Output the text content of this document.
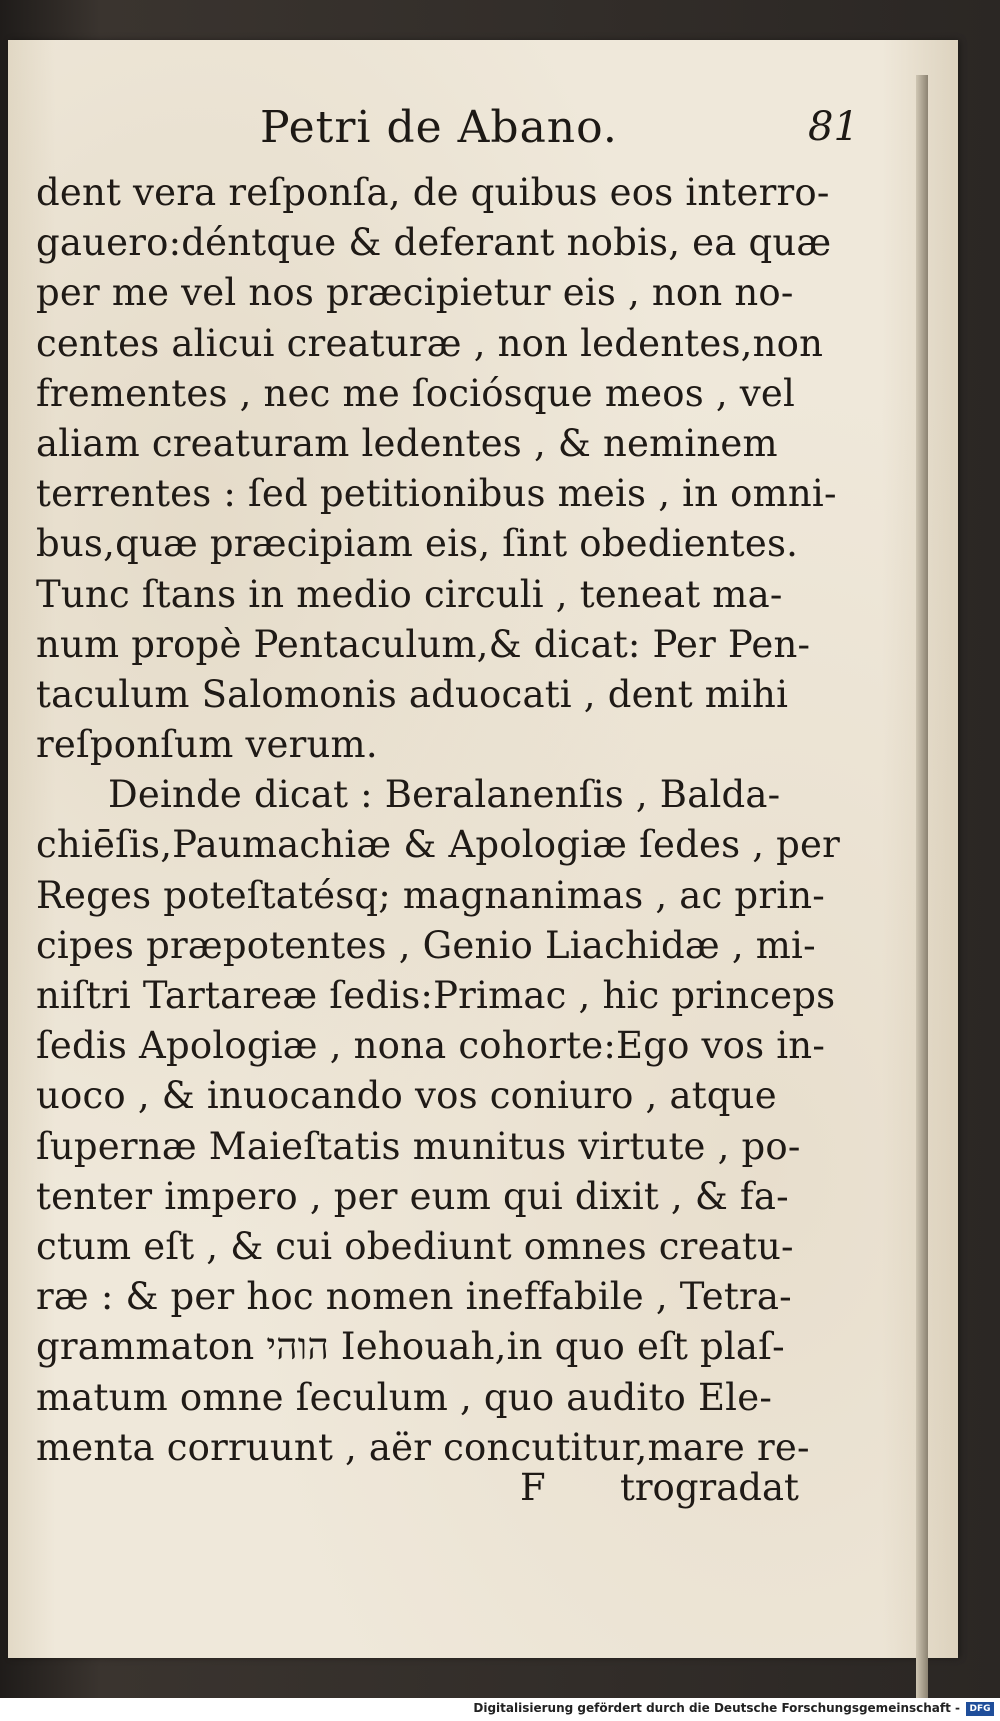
Petri de Abano.	81
dent vera reſponſa, de quibus eos interro-
gauero:déntque & deferant nobis, ea quæ
per me vel nos præcipietur eis , non no-
centes alicui creaturæ , non ledentes,non
frementes , nec me ſociósque meos , vel
aliam creaturam ledentes , & neminem
terrentes : ſed petitionibus meis , in omni-
bus,quæ præcipiam eis, ſint obedientes.
Tunc ſtans in medio circuli , teneat ma-
num propè Pentaculum,& dicat: Per Pen-
taculum Salomonis aduocati , dent mihi
reſponſum verum.
Deinde dicat : Beralanenſis , Balda-
chiēſis,Paumachiæ & Apologiæ ſedes , per
Reges poteſtatésq; magnanimas , ac prin-
cipes præpotentes , Genio Liachidæ , mi-
niſtri Tartareæ ſedis:Primac , hic princeps
ſedis Apologiæ , nona cohorte:Ego vos in-
uoco , & inuocando vos coniuro , atque
ſupernæ Maieſtatis munitus virtute , po-
tenter impero , per eum qui dixit , & fa-
ctum eſt , & cui obediunt omnes creatu-
ræ : & per hoc nomen ineffabile , Tetra-
grammaton הוהי Iehouah,in quo eſt plaſ-
matum omne ſeculum , quo audito Ele-
menta corruunt , aër concutitur,mare re-
F trogradat
Digitalisierung gefördert durch die Deutsche Forschungsgemeinschaft -	DFG
